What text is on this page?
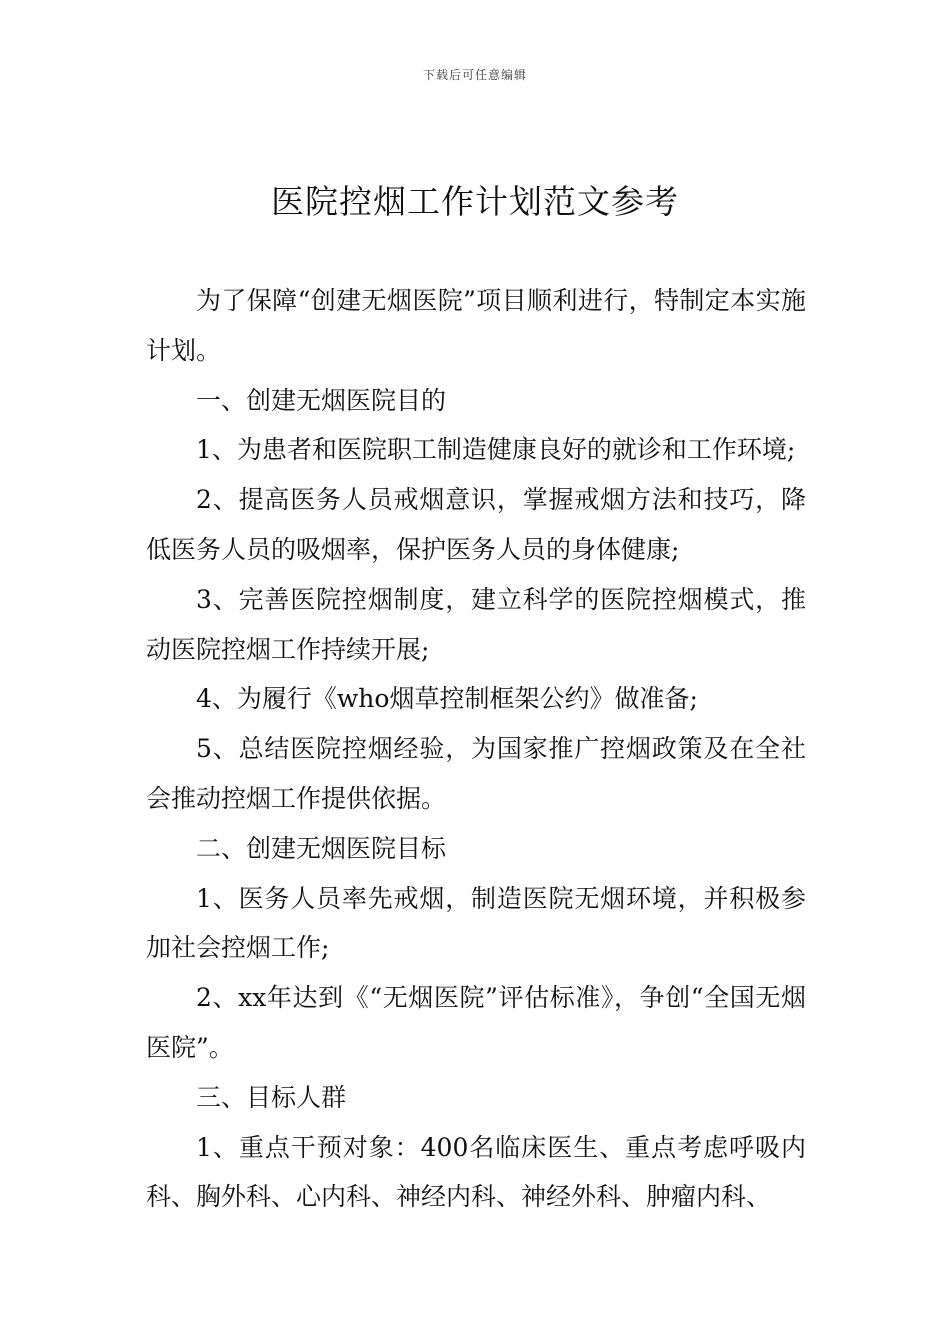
下载后可任意编辑
医院控烟工作计划范文参考

为了保障“创建无烟医院”项目顺利进行，特制定本实施计划。

一、创建无烟医院目的

1、为患者和医院职工制造健康良好的就诊和工作环境;

2、提高医务人员戒烟意识，掌握戒烟方法和技巧，降低医务人员的吸烟率，保护医务人员的身体健康;

3、完善医院控烟制度，建立科学的医院控烟模式，推动医院控烟工作持续开展;

4、为履行《who烟草控制框架公约》做准备;

5、总结医院控烟经验，为国家推广控烟政策及在全社会推动控烟工作提供依据。

二、创建无烟医院目标

1、医务人员率先戒烟，制造医院无烟环境，并积极参加社会控烟工作;

2、xx年达到《“无烟医院”评估标准》，争创“全国无烟医院”。

三、目标人群

1、重点干预对象：400名临床医生、重点考虑呼吸内科、胸外科、心内科、神经内科、神经外科、肿瘤内科、
